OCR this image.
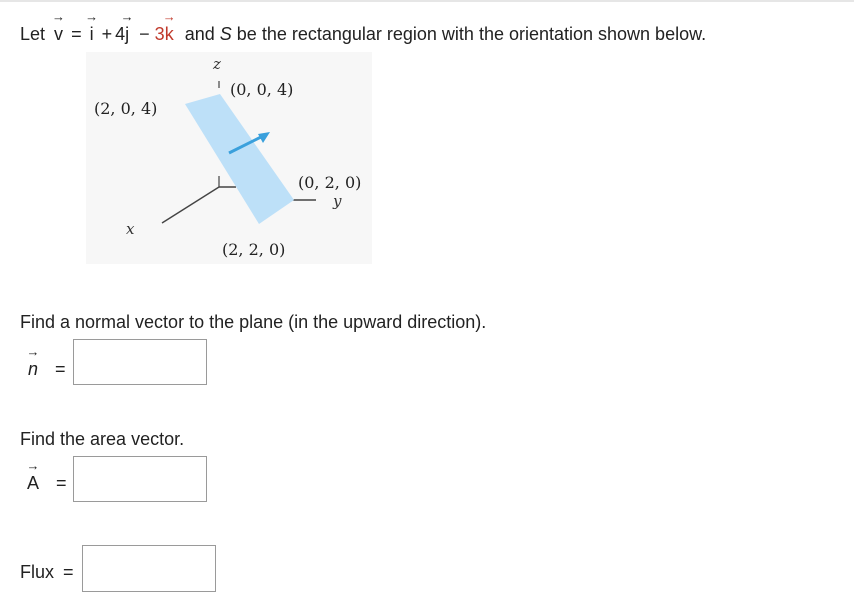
Let
→
v =
→
i + 4
→
j − 3
→
k and S be the rectangular region with the orientation shown below.
z
x
y
(0, 0, 4)
(2, 0, 4)
(0, 2, 0)
(2, 2, 0)
Find a normal vector to the plane (in the upward direction).
→
n =
Find the area vector.
→
A =
Flux =
